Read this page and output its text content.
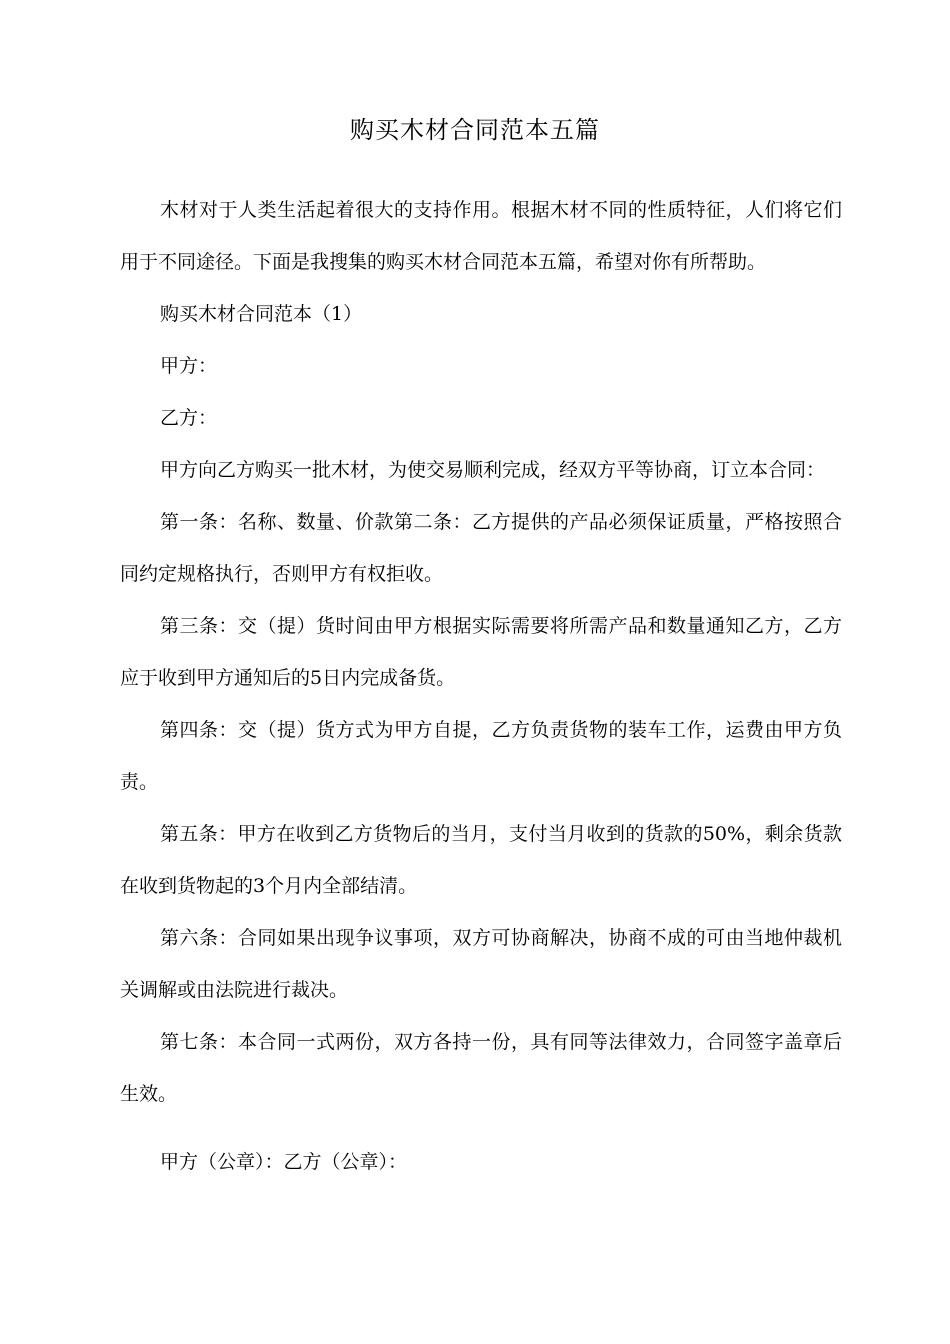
购买木材合同范本五篇

木材对于人类生活起着很大的支持作用。根据木材不同的性质特征，人们将它们用于不同途径。下面是我搜集的购买木材合同范本五篇，希望对你有所帮助。

购买木材合同范本（1）

甲方：

乙方：

甲方向乙方购买一批木材，为使交易顺利完成，经双方平等协商，订立本合同：

第一条：名称、数量、价款第二条：乙方提供的产品必须保证质量，严格按照合同约定规格执行，否则甲方有权拒收。

第三条：交（提）货时间由甲方根据实际需要将所需产品和数量通知乙方，乙方应于收到甲方通知后的5日内完成备货。

第四条：交（提）货方式为甲方自提，乙方负责货物的装车工作，运费由甲方负责。

第五条：甲方在收到乙方货物后的当月，支付当月收到的货款的50%，剩余货款在收到货物起的3个月内全部结清。

第六条：合同如果出现争议事项，双方可协商解决，协商不成的可由当地仲裁机关调解或由法院进行裁决。

第七条：本合同一式两份，双方各持一份，具有同等法律效力，合同签字盖章后生效。

甲方（公章）：乙方（公章）：
